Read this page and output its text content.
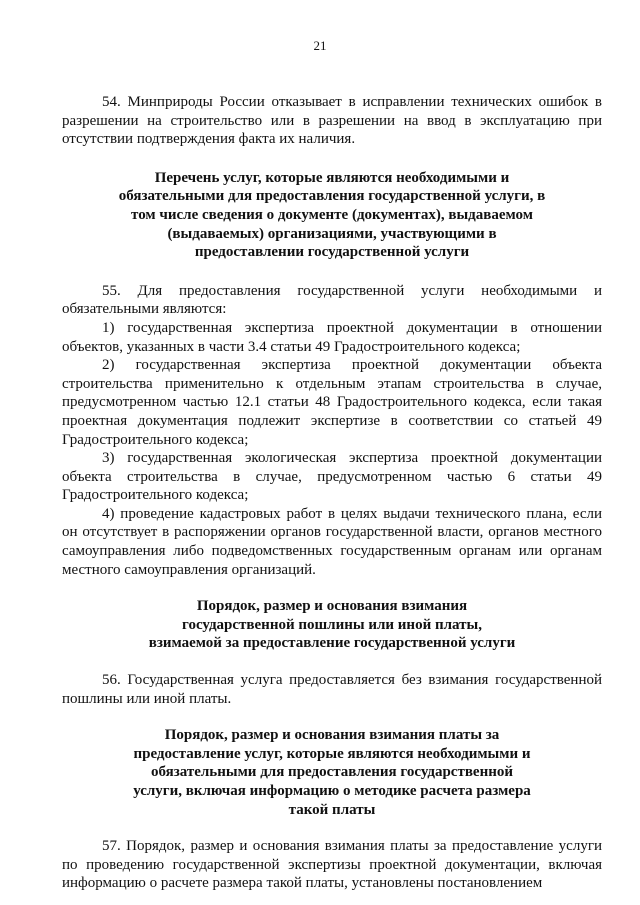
21

54. Минприроды России отказывает в исправлении технических ошибок в разрешении на строительство или в разрешении на ввод в эксплуатацию при отсутствии подтверждения факта их наличия.

Перечень услуг, которые являются необходимыми и обязательными для предоставления государственной услуги, в том числе сведения о документе (документах), выдаваемом (выдаваемых) организациями, участвующими в предоставлении государственной услуги

55. Для предоставления государственной услуги необходимыми и обязательными являются:

1) государственная экспертиза проектной документации в отношении объектов, указанных в части 3.4 статьи 49 Градостроительного кодекса;

2) государственная экспертиза проектной документации объекта строительства применительно к отдельным этапам строительства в случае, предусмотренном частью 12.1 статьи 48 Градостроительного кодекса, если такая проектная документация подлежит экспертизе в соответствии со статьей 49 Градостроительного кодекса;

3) государственная экологическая экспертиза проектной документации объекта строительства в случае, предусмотренном частью 6 статьи 49 Градостроительного кодекса;

4) проведение кадастровых работ в целях выдачи технического плана, если он отсутствует в распоряжении органов государственной власти, органов местного самоуправления либо подведомственных государственным органам или органам местного самоуправления организаций.

Порядок, размер и основания взимания государственной пошлины или иной платы, взимаемой за предоставление государственной услуги

56. Государственная услуга предоставляется без взимания государственной пошлины или иной платы.

Порядок, размер и основания взимания платы за предоставление услуг, которые являются необходимыми и обязательными для предоставления государственной услуги, включая информацию о методике расчета размера такой платы

57. Порядок, размер и основания взимания платы за предоставление услуги по проведению государственной экспертизы проектной документации, включая информацию о расчете размера такой платы, установлены постановлением
